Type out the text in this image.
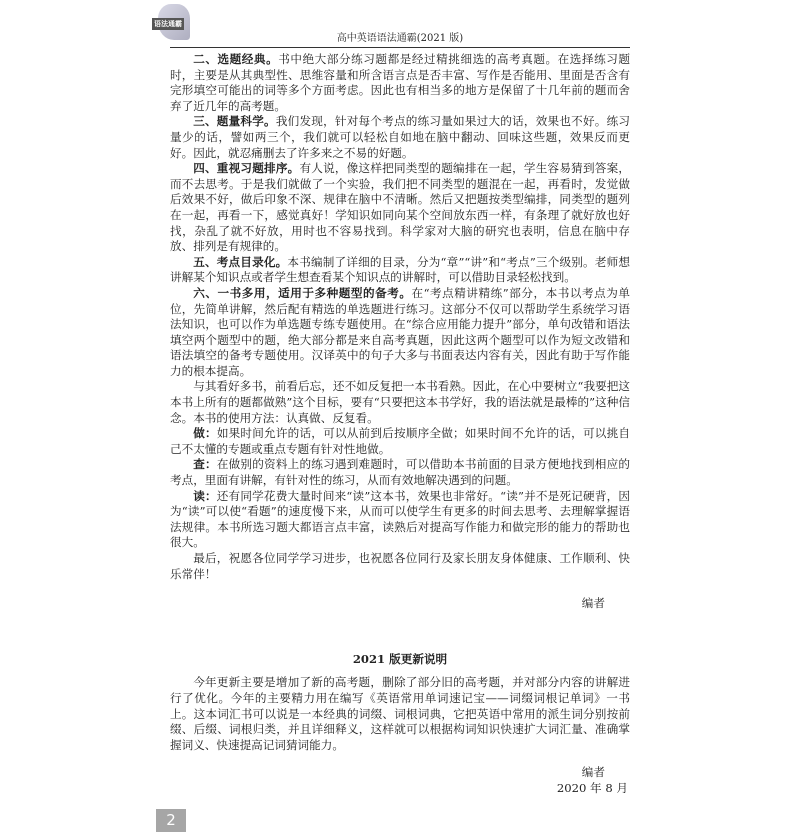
语法通霸
高中英语语法通霸(2021 版)

二、选题经典。书中绝大部分练习题都是经过精挑细选的高考真题。在选择练习题时，主要是从其典型性、思维容量和所含语言点是否丰富、写作是否能用、里面是否含有完形填空可能出的词等多个方面考虑。因此也有相当多的地方是保留了十几年前的题而舍弃了近几年的高考题。

三、题量科学。我们发现，针对每个考点的练习量如果过大的话，效果也不好。练习量少的话，譬如两三个，我们就可以轻松自如地在脑中翻动、回味这些题，效果反而更好。因此，就忍痛删去了许多来之不易的好题。

四、重视习题排序。有人说，像这样把同类型的题编排在一起，学生容易猜到答案，而不去思考。于是我们就做了一个实验，我们把不同类型的题混在一起，再看时，发觉做后效果不好，做后印象不深、规律在脑中不清晰。然后又把题按类型编排，同类型的题列在一起，再看一下，感觉真好！学知识如同向某个空间放东西一样，有条理了就好放也好找，杂乱了就不好放，用时也不容易找到。科学家对大脑的研究也表明，信息在脑中存放、排列是有规律的。

五、考点目录化。本书编制了详细的目录，分为“章”“讲”和“考点”三个级别。老师想讲解某个知识点或者学生想查看某个知识点的讲解时，可以借助目录轻松找到。

六、一书多用，适用于多种题型的备考。在“考点精讲精练”部分，本书以考点为单位，先简单讲解，然后配有精选的单选题进行练习。这部分不仅可以帮助学生系统学习语法知识，也可以作为单选题专练专题使用。在“综合应用能力提升”部分，单句改错和语法填空两个题型中的题，绝大部分都是来自高考真题，因此这两个题型可以作为短文改错和语法填空的备考专题使用。汉译英中的句子大多与书面表达内容有关，因此有助于写作能力的根本提高。

与其看好多书，前看后忘，还不如反复把一本书看熟。因此，在心中要树立“我要把这本书上所有的题都做熟”这个目标，要有“只要把这本书学好，我的语法就是最棒的”这种信念。本书的使用方法：认真做、反复看。

做：如果时间允许的话，可以从前到后按顺序全做；如果时间不允许的话，可以挑自己不太懂的专题或重点专题有针对性地做。

查：在做别的资料上的练习遇到难题时，可以借助本书前面的目录方便地找到相应的考点，里面有讲解，有针对性的练习，从而有效地解决遇到的问题。

读：还有同学花费大量时间来“读”这本书，效果也非常好。“读”并不是死记硬背，因为“读”可以使“看题”的速度慢下来，从而可以使学生有更多的时间去思考、去理解掌握语法规律。本书所选习题大都语言点丰富，读熟后对提高写作能力和做完形的能力的帮助也很大。

最后，祝愿各位同学学习进步，也祝愿各位同行及家长朋友身体健康、工作顺利、快乐常伴！

编者

2021 版更新说明

今年更新主要是增加了新的高考题，删除了部分旧的高考题，并对部分内容的讲解进行了优化。今年的主要精力用在编写《英语常用单词速记宝——词缀词根记单词》一书上。这本词汇书可以说是一本经典的词缀、词根词典，它把英语中常用的派生词分别按前缀、后缀、词根归类，并且详细释义，这样就可以根据构词知识快速扩大词汇量、准确掌握词义、快速提高记词猜词能力。

编者

2020 年 8 月

2
